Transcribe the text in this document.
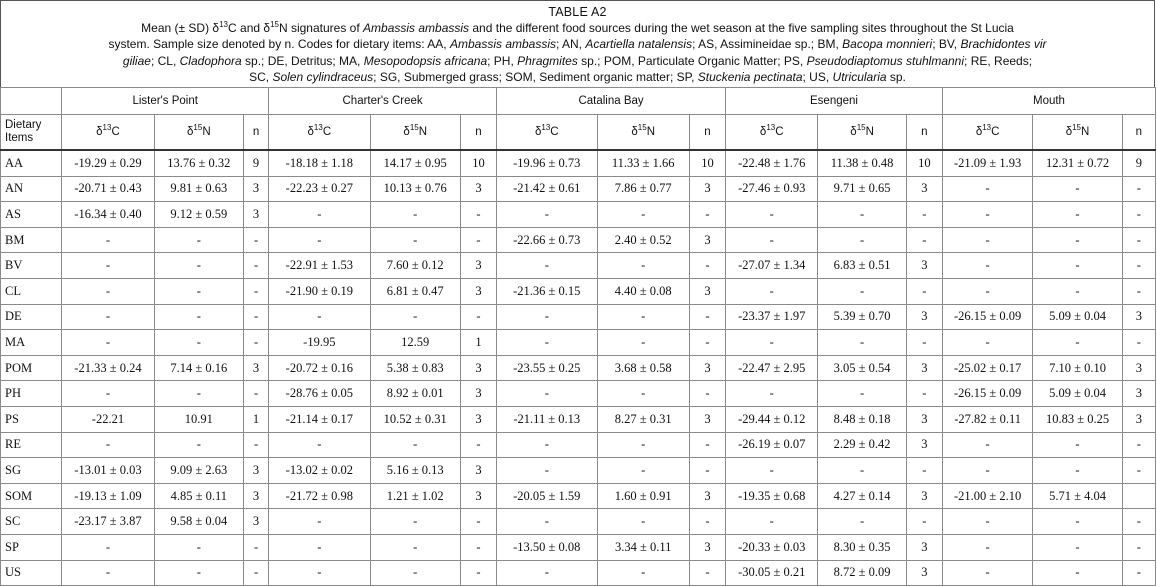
TABLE A2
Mean (± SD) $\delta^{13}C$ and $\delta^{15}N$ signatures of Ambassis ambassis and the different food sources during the wet season at the five sampling sites throughout the St Lucia
system. Sample size denoted by n. Codes for dietary items: AA, Ambassis ambassis; AN, Acartiella natalensis; AS, Assimineidae sp.; BM, Bacopa monnieri; BV, Brachidontes vir
giliae; CL, Cladophora sp.; DE, Detritus; MA, Mesopodopsis africana; PH, Phragmites sp.; POM, Particulate Organic Matter; PS, Pseudodiaptomus stuhlmanni; RE, Reeds;
SC, Solen cylindraceus; SG, Submerged grass; SOM, Sediment organic matter; SP, Stuckenia pectinata; US, Utricularia sp.
	Lister's Point			Charter's Creek			Catalina Bay			Esengeni			Mouth		
Dietary Items	$\delta^{13}C$	$\delta^{15}N$	n	$\delta^{13}C$	$\delta^{15}N$	n	$\delta^{13}C$	$\delta^{15}N$	n	$\delta^{13}C$	$\delta^{15}N$	n	$\delta^{13}C$	$\delta^{15}N$	n
AA	-19.29 ± 0.29	13.76 ± 0.32	9	-18.18 ± 1.18	14.17 ± 0.95	10	-19.96 ± 0.73	11.33 ± 1.66	10	-22.48 ± 1.76	11.38 ± 0.48	10	-21.09 ± 1.93	12.31 ± 0.72	9
AN	-20.71 ± 0.43	9.81 ± 0.63	3	-22.23 ± 0.27	10.13 ± 0.76	3	-21.42 ± 0.61	7.86 ± 0.77	3	-27.46 ± 0.93	9.71 ± 0.65	3	-	-	-
AS	-16.34 ± 0.40	9.12 ± 0.59	3	-	-	-	-	-	-	-	-	-	-	-	-
BM	-	-	-	-	-	-	-22.66 ± 0.73	2.40 ± 0.52	3	-	-	-	-	-	-
BV	-	-	-	-22.91 ± 1.53	7.60 ± 0.12	3	-	-	-	-27.07 ± 1.34	6.83 ± 0.51	3	-	-	-
CL	-	-	-	-21.90 ± 0.19	6.81 ± 0.47	3	-21.36 ± 0.15	4.40 ± 0.08	3	-	-	-	-	-	-
DE	-	-	-	-	-	-	-	-	-	-23.37 ± 1.97	5.39 ± 0.70	3	-26.15 ± 0.09	5.09 ± 0.04	3
MA	-	-	-	-19.95	12.59	1	-	-	-	-	-	-	-	-	-
POM	-21.33 ± 0.24	7.14 ± 0.16	3	-20.72 ± 0.16	5.38 ± 0.83	3	-23.55 ± 0.25	3.68 ± 0.58	3	-22.47 ± 2.95	3.05 ± 0.54	3	-25.02 ± 0.17	7.10 ± 0.10	3
PH	-	-	-	-28.76 ± 0.05	8.92 ± 0.01	3	-	-	-	-	-	-	-26.15 ± 0.09	5.09 ± 0.04	3
PS	-22.21	10.91	1	-21.14 ± 0.17	10.52 ± 0.31	3	-21.11 ± 0.13	8.27 ± 0.31	3	-29.44 ± 0.12	8.48 ± 0.18	3	-27.82 ± 0.11	10.83 ± 0.25	3
RE	-	-	-	-	-	-	-	-	-	-26.19 ± 0.07	2.29 ± 0.42	3	-	-	-
SG	-13.01 ± 0.03	9.09 ± 2.63	3	-13.02 ± 0.02	5.16 ± 0.13	3	-	-	-	-	-	-	-	-	-
SOM	-19.13 ± 1.09	4.85 ± 0.11	3	-21.72 ± 0.98	1.21 ± 1.02	3	-20.05 ± 1.59	1.60 ± 0.91	3	-19.35 ± 0.68	4.27 ± 0.14	3	-21.00 ± 2.10	5.71 ± 4.04	
SC	-23.17 ± 3.87	9.58 ± 0.04	3	-	-	-	-	-	-	-	-	-	-	-	-
SP	-	-	-	-	-	-	-13.50 ± 0.08	3.34 ± 0.11	3	-20.33 ± 0.03	8.30 ± 0.35	3	-	-	-
US	-	-	-	-	-	-	-	-	-	-30.05 ± 0.21	8.72 ± 0.09	3	-	-	-
